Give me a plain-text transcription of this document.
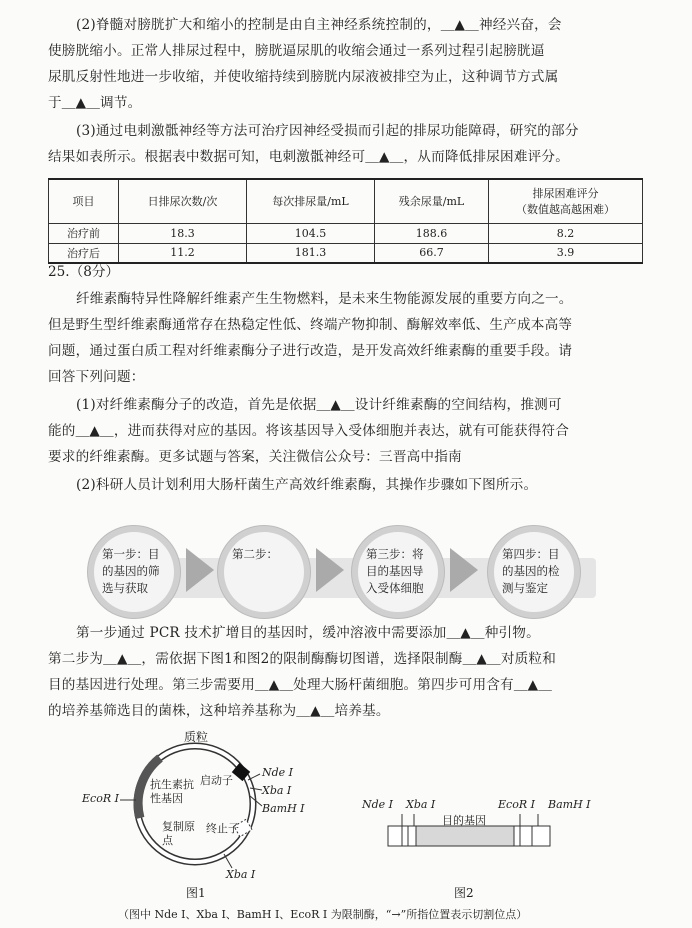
(2)脊髓对膀胱扩大和缩小的控制是由自主神经系统控制的，＿▲＿神经兴奋，会

使膀胱缩小。正常人排尿过程中，膀胱逼尿肌的收缩会通过一系列过程引起膀胱逼

尿肌反射性地进一步收缩，并使收缩持续到膀胱内尿液被排空为止，这种调节方式属

于＿▲＿调节。

(3)通过电刺激骶神经等方法可治疗因神经受损而引起的排尿功能障碍，研究的部分

结果如表所示。根据表中数据可知，电刺激骶神经可＿▲＿，从而降低排尿困难评分。

项目	日排尿次数/次	每次排尿量/mL	残余尿量/mL	排尿困难评分
（数值越高越困难）

治疗前	18.3	104.5	188.6	8.2
治疗后	11.2	181.3	66.7	3.9
25.（8分）

纤维素酶特异性降解纤维素产生生物燃料，是未来生物能源发展的重要方向之一。

但是野生型纤维素酶通常存在热稳定性低、终端产物抑制、酶解效率低、生产成本高等

问题，通过蛋白质工程对纤维素酶分子进行改造，是开发高效纤维素酶的重要手段。请

回答下列问题：

(1)对纤维素酶分子的改造，首先是依据＿▲＿设计纤维素酶的空间结构，推测可

能的＿▲＿，进而获得对应的基因。将该基因导入受体细胞并表达，就有可能获得符合

要求的纤维素酶。更多试题与答案，关注微信公众号：三晋高中指南

(2)科研人员计划利用大肠杆菌生产高效纤维素酶，其操作步骤如下图所示。

第一步：目的基因的筛选与获取
第二步：	第三步：将目的基因导入受体细胞
第四步：目的基因的检测与鉴定

第一步通过 PCR 技术扩增目的基因时，缓冲溶液中需要添加＿▲＿种引物。

第二步为＿▲＿，需依据下图1和图2的限制酶酶切图谱，选择限制酶＿▲＿对质粒和

目的基因进行处理。第三步需要用＿▲＿处理大肠杆菌细胞。第四步可用含有＿▲＿

的培养基筛选目的菌株，这种培养基称为＿▲＿培养基。

质粒
EcoR Ⅰ
抗生素抗性基因
启动子
复制原点
终止子
Nde Ⅰ
Xba Ⅰ
BamH Ⅰ
Xba Ⅰ
图1
Nde Ⅰ Xba Ⅰ	EcoR Ⅰ BamH Ⅰ
目的基因
图2
（图中 Nde Ⅰ、Xba Ⅰ、BamH Ⅰ、EcoR Ⅰ 为限制酶，“→”所指位置表示切割位点）
